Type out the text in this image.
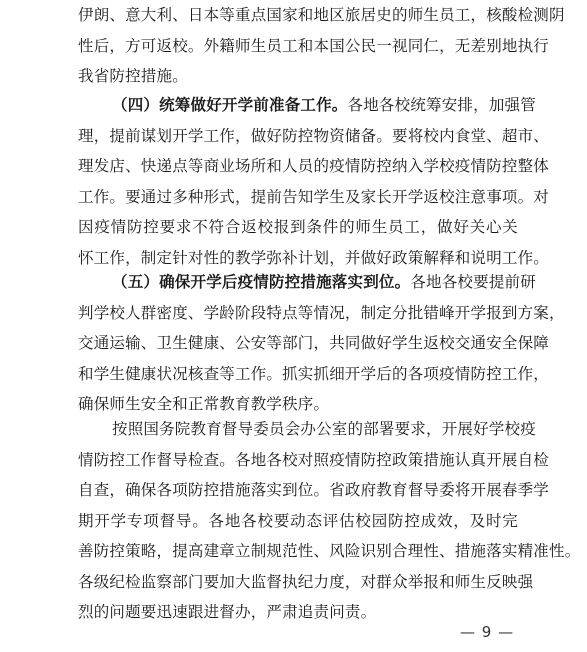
伊朗、意大利、日本等重点国家和地区旅居史的师生员工，核酸检测阴
性后，方可返校。外籍师生员工和本国公民一视同仁，无差别地执行
我省防控措施。
（四）统筹做好开学前准备工作。各地各校统筹安排，加强管
理，提前谋划开学工作，做好防控物资储备。要将校内食堂、超市、
理发店、快递点等商业场所和人员的疫情防控纳入学校疫情防控整体
工作。要通过多种形式，提前告知学生及家长开学返校注意事项。对
因疫情防控要求不符合返校报到条件的师生员工，做好关心关
怀工作，制定针对性的教学弥补计划，并做好政策解释和说明工作。
（五）确保开学后疫情防控措施落实到位。各地各校要提前研
判学校人群密度、学龄阶段特点等情况，制定分批错峰开学报到方案，
交通运输、卫生健康、公安等部门，共同做好学生返校交通安全保障
和学生健康状况核查等工作。抓实抓细开学后的各项疫情防控工作，
确保师生安全和正常教育教学秩序。
按照国务院教育督导委员会办公室的部署要求，开展好学校疫
情防控工作督导检查。各地各校对照疫情防控政策措施认真开展自检
自查，确保各项防控措施落实到位。省政府教育督导委将开展春季学
期开学专项督导。各地各校要动态评估校园防控成效，及时完
善防控策略，提高建章立制规范性、风险识别合理性、措施落实精准性。
各级纪检监察部门要加大监督执纪力度，对群众举报和师生反映强
烈的问题要迅速跟进督办，严肃追责问责。
— 9 —
